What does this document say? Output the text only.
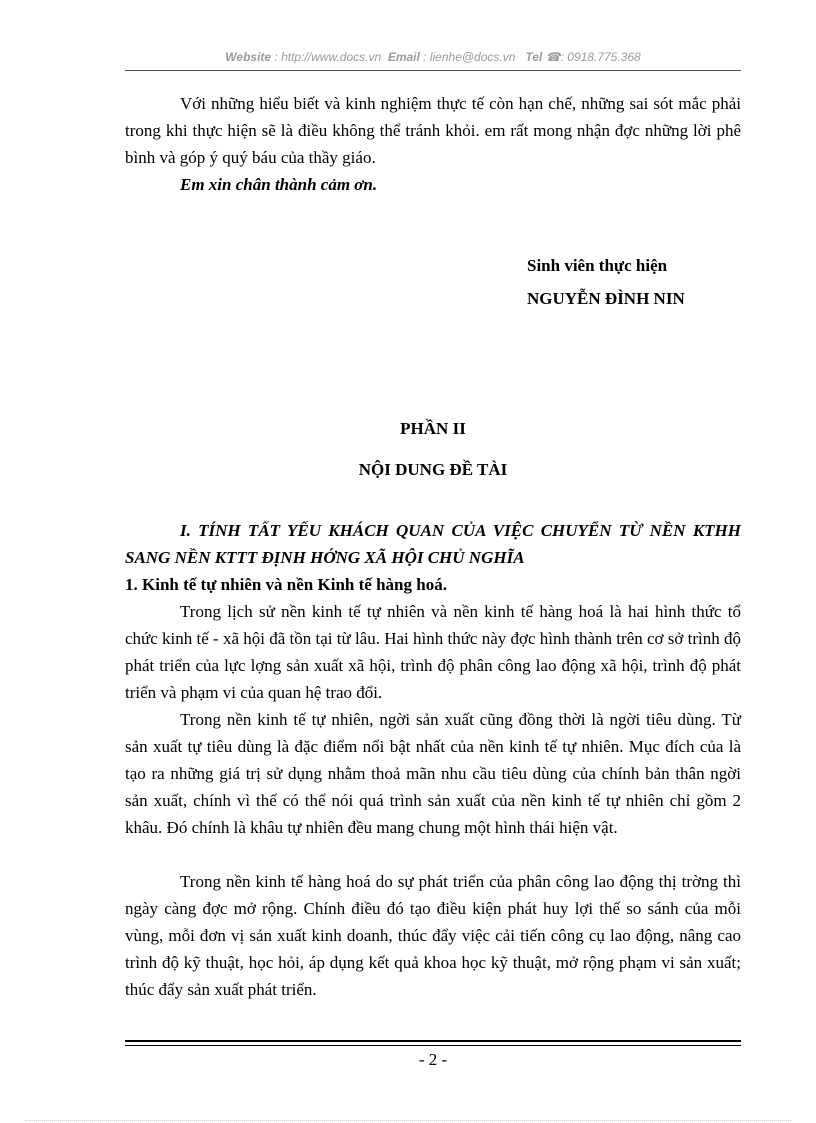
Website : http://www.docs.vn Email : lienhe@docs.vn Tel ☎: 0918.775.368

Với những hiểu biết và kinh nghiệm thực tế còn hạn chế, những sai sót mắc phải trong khi thực hiện sẽ là điều không thể tránh khỏi. em rất mong nhận đợc những lời phê bình và góp ý quý báu của thầy giáo.

Em xin chân thành cảm ơn.

Sinh viên thực hiện

NGUYỄN ĐÌNH NIN

PHẦN II

NỘI DUNG ĐỀ TÀI

I. TÍNH TẤT YẾU KHÁCH QUAN CỦA VIỆC CHUYỂN TỪ NỀN KTHH SANG NỀN KTTT ĐỊNH HỚNG XÃ HỘI CHỦ NGHĨA

1. Kinh tế tự nhiên và nền Kinh tế hàng hoá.

Trong lịch sử nền kinh tế tự nhiên và nền kinh tế hàng hoá là hai hình thức tổ chức kinh tế - xã hội đã tồn tại từ lâu. Hai hình thức này đợc hình thành trên cơ sở trình độ phát triển của lực lợng sản xuất xã hội, trình độ phân công lao động xã hội, trình độ phát triển và phạm vi của quan hệ trao đổi.

Trong nền kinh tế tự nhiên, ngời sản xuất cũng đồng thời là ngời tiêu dùng. Từ sản xuất tự tiêu dùng là đặc điểm nổi bật nhất của nền kinh tế tự nhiên. Mục đích của là tạo ra những giá trị sử dụng nhằm thoả mãn nhu cầu tiêu dùng của chính bản thân ngời sản xuất, chính vì thế có thể nói quá trình sản xuất của nền kinh tế tự nhiên chỉ gồm 2 khâu. Đó chính là khâu tự nhiên đều mang chung một hình thái hiện vật.

Trong nền kinh tế hàng hoá do sự phát triển của phân công lao động thị trờng thì ngày càng đợc mở rộng. Chính điều đó tạo điều kiện phát huy lợi thế so sánh của mỗi vùng, mỗi đơn vị sản xuất kinh doanh, thúc đẩy việc cải tiến công cụ lao động, nâng cao trình độ kỹ thuật, học hỏi, áp dụng kết quả khoa học kỹ thuật, mở rộng phạm vi sản xuất; thúc đẩy sản xuất phát triển.

- 2 -
